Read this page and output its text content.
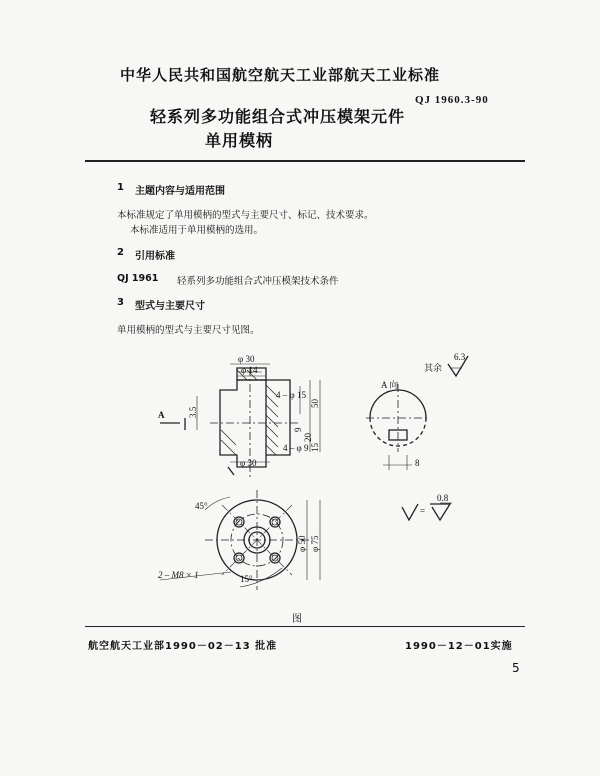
中华人民共和国航空航天工业部航天工业标准
QJ 1960.3-90
轻系列多功能组合式冲压模架元件
单用模柄
1 主题内容与适用范围
本标准规定了单用模柄的型式与主要尺寸、标记、技术要求。
本标准适用于单用模柄的选用。
2 引用标准
QJ 1961 轻系列多功能组合式冲压模架技术条件
3 型式与主要尺寸
单用模柄的型式与主要尺寸见图。
φ 30
φ 14
3.5
A
4 – φ 15
50
9
20
15
4 – φ 9
φ 30
A 向
8
其余
6.3
0.8
=
45°
φ 50 φ 75
2 – M8 × 1	15°
图
航空航天工业部1990－02－13 批准	1990－12－01实施
5
